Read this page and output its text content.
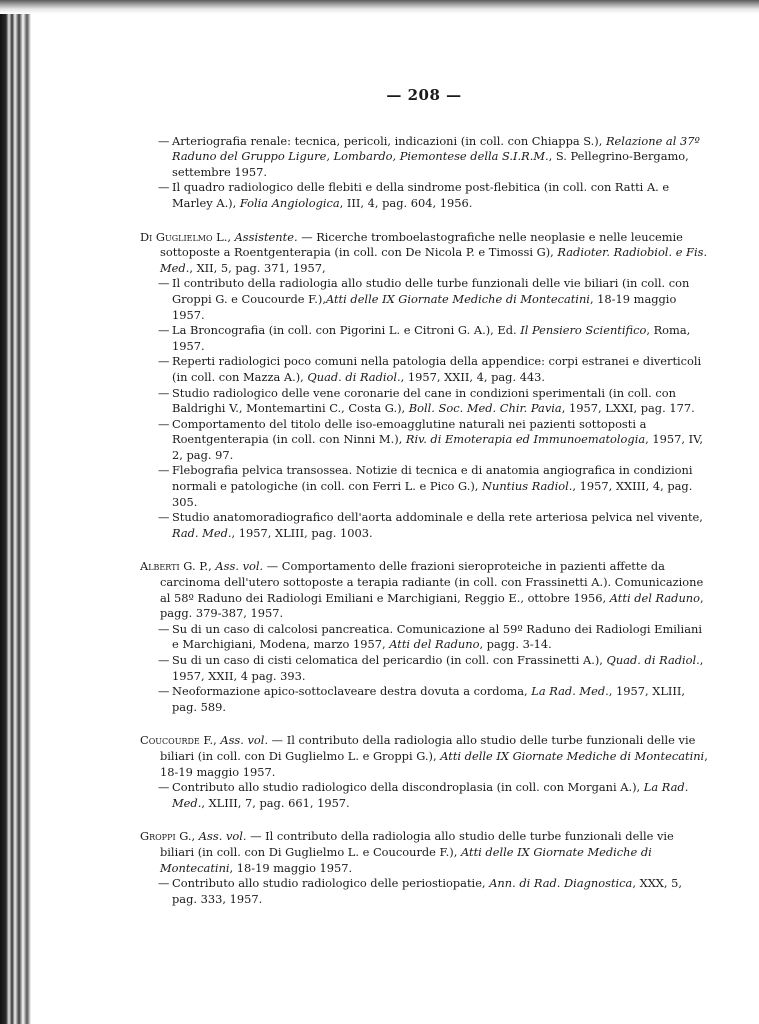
— 208 —

— Arteriografia renale: tecnica, pericoli, indicazioni (in coll. con Chiappa S.), Relazione al 37º Raduno del Gruppo Ligure, Lombardo, Piemontese della S.I.R.M., S. Pellegrino-Bergamo, settembre 1957.

— Il quadro radiologico delle flebiti e della sindrome post-flebitica (in coll. con Ratti A. e Marley A.), Folia Angiologica, III, 4, pag. 604, 1956.

Di Guglielmo L., Assistente. — Ricerche tromboelastografiche nelle neoplasie e nelle leucemie sottoposte a Roentgenterapia (in coll. con De Nicola P. e Timossi G), Radioter. Radiobiol. e Fis. Med., XII, 5, pag. 371, 1957,

— Il contributo della radiologia allo studio delle turbe funzionali delle vie biliari (in coll. con Groppi G. e Coucourde F.),Atti delle IX Giornate Mediche di Montecatini, 18-19 maggio 1957.

— La Broncografia (in coll. con Pigorini L. e Citroni G. A.), Ed. Il Pensiero Scientifico, Roma, 1957.

— Reperti radiologici poco comuni nella patologia della appendice: corpi estranei e diverticoli (in coll. con Mazza A.), Quad. di Radiol., 1957, XXII, 4, pag. 443.

— Studio radiologico delle vene coronarie del cane in condizioni sperimentali (in coll. con Baldrighi V., Montemartini C., Costa G.), Boll. Soc. Med. Chir. Pavia, 1957, LXXI, pag. 177.

— Comportamento del titolo delle iso-emoagglutine naturali nei pazienti sottoposti a Roentgenterapia (in coll. con Ninni M.), Riv. di Emoterapia ed Immunoematologia, 1957, IV, 2, pag. 97.

— Flebografia pelvica transossea. Notizie di tecnica e di anatomia angiografica in condizioni normali e patologiche (in coll. con Ferri L. e Pico G.), Nuntius Radiol., 1957, XXIII, 4, pag. 305.

— Studio anatomoradiografico dell'aorta addominale e della rete arteriosa pelvica nel vivente, Rad. Med., 1957, XLIII, pag. 1003.

Alberti G. P., Ass. vol. — Comportamento delle frazioni sieroproteiche in pazienti affette da carcinoma dell'utero sottoposte a terapia radiante (in coll. con Frassinetti A.). Comunicazione al 58º Raduno dei Radiologi Emiliani e Marchigiani, Reggio E., ottobre 1956, Atti del Raduno, pagg. 379-387, 1957.

— Su di un caso di calcolosi pancreatica. Comunicazione al 59º Raduno dei Radiologi Emiliani e Marchigiani, Modena, marzo 1957, Atti del Raduno, pagg. 3-14.

— Su di un caso di cisti celomatica del pericardio (in coll. con Frassinetti A.), Quad. di Radiol., 1957, XXII, 4 pag. 393.

— Neoformazione apico-sottoclaveare destra dovuta a cordoma, La Rad. Med., 1957, XLIII, pag. 589.

Coucourde F., Ass. vol. — Il contributo della radiologia allo studio delle turbe funzionali delle vie biliari (in coll. con Di Guglielmo L. e Groppi G.), Atti delle IX Giornate Mediche di Montecatini, 18-19 maggio 1957.

— Contributo allo studio radiologico della discondroplasia (in coll. con Morgani A.), La Rad. Med., XLIII, 7, pag. 661, 1957.

Groppi G., Ass. vol. — Il contributo della radiologia allo studio delle turbe funzionali delle vie biliari (in coll. con Di Guglielmo L. e Coucourde F.), Atti delle IX Giornate Mediche di Montecatini, 18-19 maggio 1957.

— Contributo allo studio radiologico delle periostiopatie, Ann. di Rad. Diagnostica, XXX, 5, pag. 333, 1957.
